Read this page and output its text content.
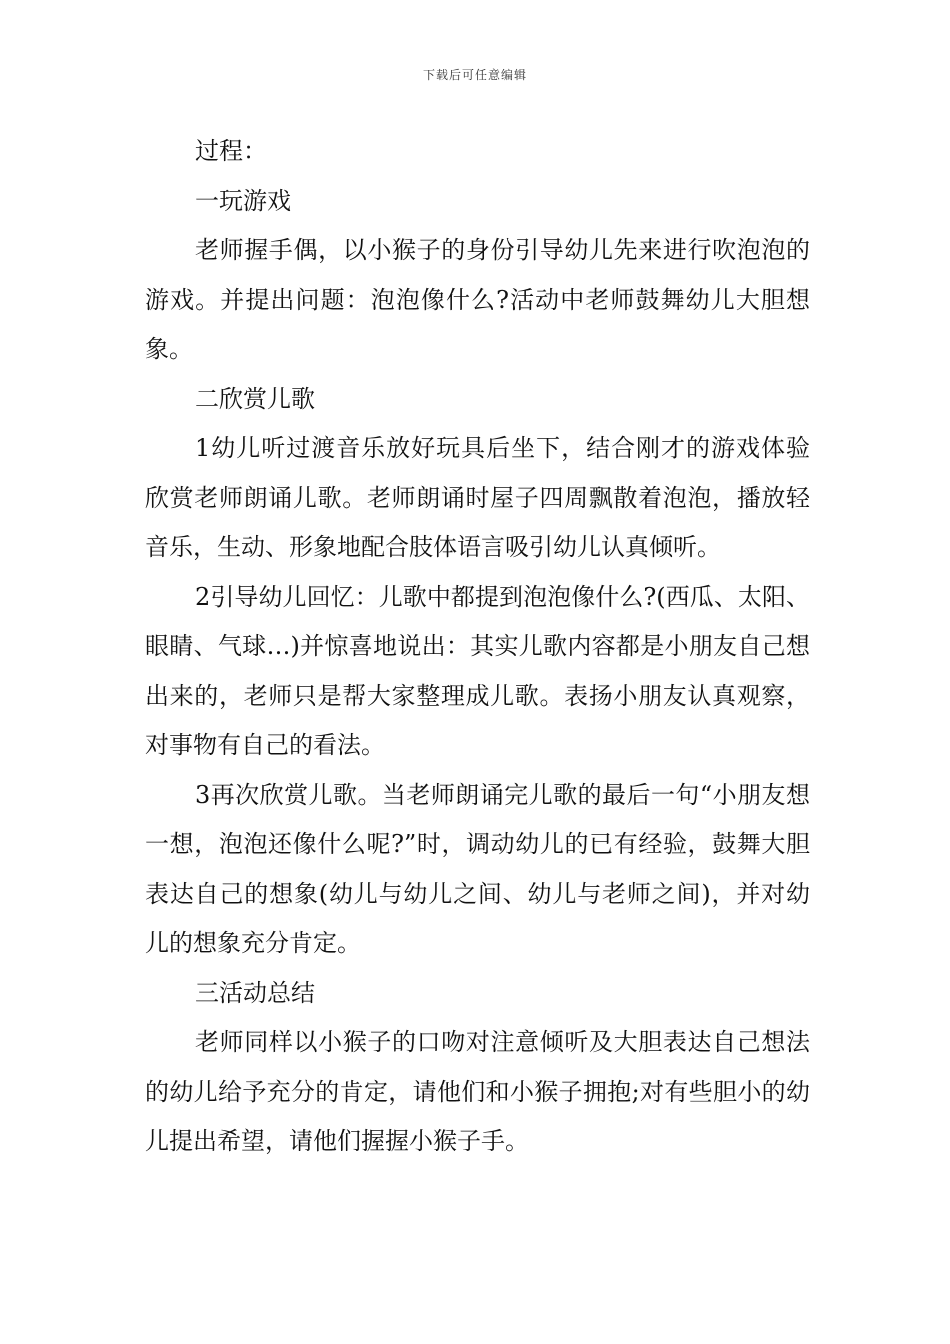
下载后可任意编辑

过程：

一玩游戏

老师握手偶，以小猴子的身份引导幼儿先来进行吹泡泡的游戏。并提出问题：泡泡像什么?活动中老师鼓舞幼儿大胆想象。

二欣赏儿歌

1幼儿听过渡音乐放好玩具后坐下，结合刚才的游戏体验欣赏老师朗诵儿歌。老师朗诵时屋子四周飘散着泡泡，播放轻音乐，生动、形象地配合肢体语言吸引幼儿认真倾听。

2引导幼儿回忆：儿歌中都提到泡泡像什么?(西瓜、太阳、眼睛、气球…)并惊喜地说出：其实儿歌内容都是小朋友自己想出来的，老师只是帮大家整理成儿歌。表扬小朋友认真观察，对事物有自己的看法。

3再次欣赏儿歌。当老师朗诵完儿歌的最后一句“小朋友想一想，泡泡还像什么呢?”时，调动幼儿的已有经验，鼓舞大胆表达自己的想象(幼儿与幼儿之间、幼儿与老师之间)，并对幼儿的想象充分肯定。

三活动总结

老师同样以小猴子的口吻对注意倾听及大胆表达自己想法的幼儿给予充分的肯定，请他们和小猴子拥抱;对有些胆小的幼儿提出希望，请他们握握小猴子手。
